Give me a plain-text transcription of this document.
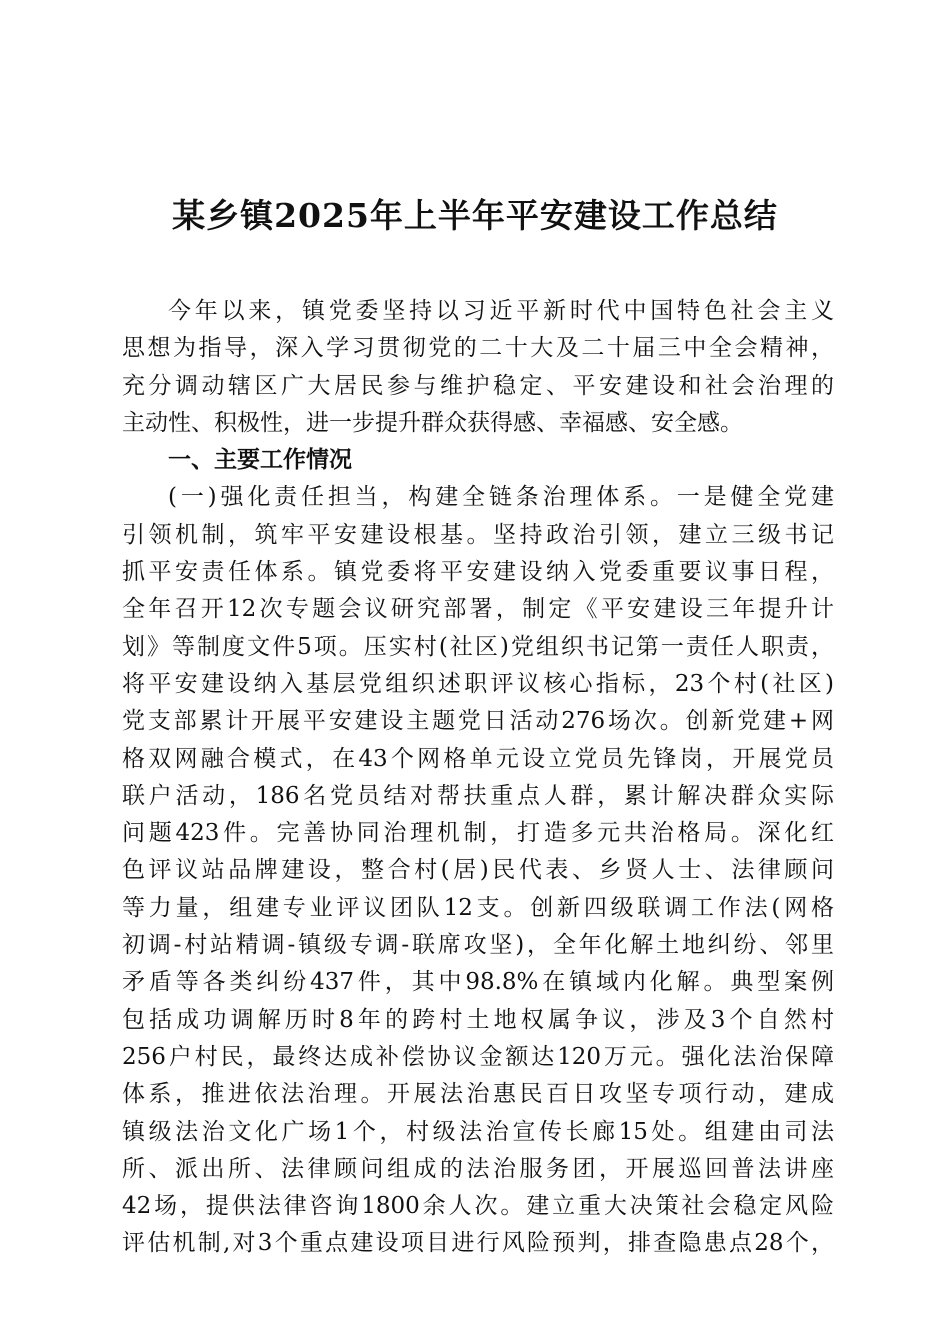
某乡镇2025年上半年平安建设工作总结
今年以来，镇党委坚持以习近平新时代中国特色社会主义
思想为指导，深入学习贯彻党的二十大及二十届三中全会精神，
充分调动辖区广大居民参与维护稳定、平安建设和社会治理的
主动性、积极性，进一步提升群众获得感、幸福感、安全感。
一、主要工作情况
(一)强化责任担当，构建全链条治理体系。一是健全党建
引领机制，筑牢平安建设根基。坚持政治引领，建立三级书记
抓平安责任体系。镇党委将平安建设纳入党委重要议事日程，
全年召开12次专题会议研究部署，制定《平安建设三年提升计
划》等制度文件5项。压实村(社区)党组织书记第一责任人职责，
将平安建设纳入基层党组织述职评议核心指标，23个村(社区)
党支部累计开展平安建设主题党日活动276场次。创新党建+网
格双网融合模式，在43个网格单元设立党员先锋岗，开展党员
联户活动，186名党员结对帮扶重点人群，累计解决群众实际
问题423件。完善协同治理机制，打造多元共治格局。深化红
色评议站品牌建设，整合村(居)民代表、乡贤人士、法律顾问
等力量，组建专业评议团队12支。创新四级联调工作法(网格
初调-村站精调-镇级专调-联席攻坚)，全年化解土地纠纷、邻里
矛盾等各类纠纷437件，其中98.8%在镇域内化解。典型案例
包括成功调解历时8年的跨村土地权属争议，涉及3个自然村
256户村民，最终达成补偿协议金额达120万元。强化法治保障
体系，推进依法治理。开展法治惠民百日攻坚专项行动，建成
镇级法治文化广场1个，村级法治宣传长廊15处。组建由司法
所、派出所、法律顾问组成的法治服务团，开展巡回普法讲座
42场，提供法律咨询1800余人次。建立重大决策社会稳定风险
评估机制,对3个重点建设项目进行风险预判，排查隐患点28个，
